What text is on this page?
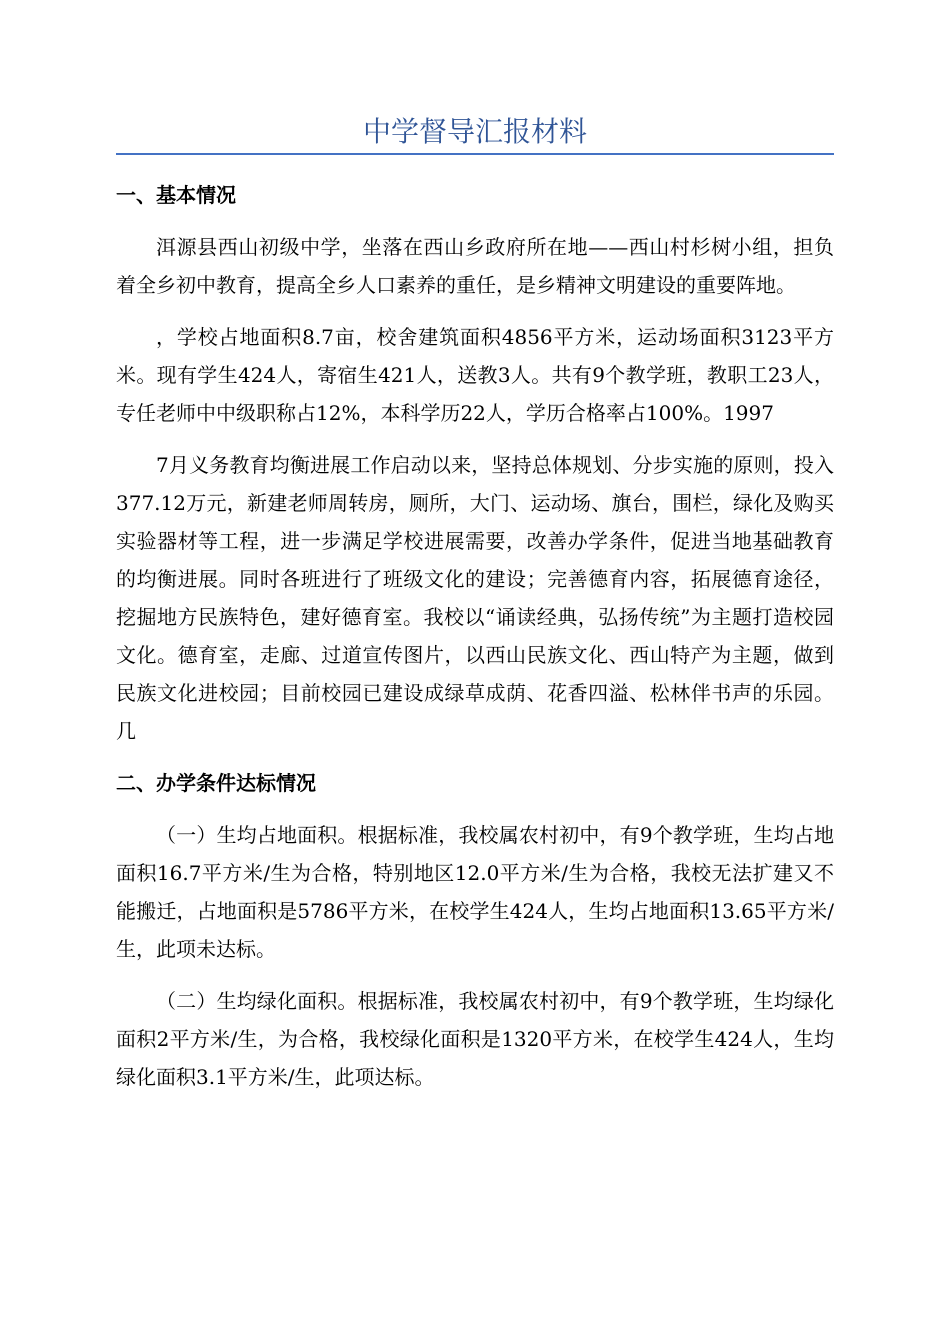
中学督导汇报材料
一、基本情况

洱源县西山初级中学，坐落在西山乡政府所在地——西山村杉树小组，担负着全乡初中教育，提高全乡人口素养的重任，是乡精神文明建设的重要阵地。

，学校占地面积8.7亩，校舍建筑面积4856平方米，运动场面积3123平方米。现有学生424人，寄宿生421人，送教3人。共有9个教学班，教职工23人，专任老师中中级职称占12%，本科学历22人，学历合格率占100%。1997

7月义务教育均衡进展工作启动以来，坚持总体规划、分步实施的原则，投入377.12万元，新建老师周转房，厕所，大门、运动场、旗台，围栏，绿化及购买实验器材等工程，进一步满足学校进展需要，改善办学条件，促进当地基础教育的均衡进展。同时各班进行了班级文化的建设；完善德育内容，拓展德育途径，挖掘地方民族特色，建好德育室。我校以“诵读经典，弘扬传统”为主题打造校园文化。德育室，走廊、过道宣传图片，以西山民族文化、西山特产为主题，做到民族文化进校园；目前校园已建设成绿草成荫、花香四溢、松林伴书声的乐园。几

二、办学条件达标情况

（一）生均占地面积。根据标准，我校属农村初中，有9个教学班，生均占地面积16.7平方米/生为合格，特别地区12.0平方米/生为合格，我校无法扩建又不能搬迁，占地面积是5786平方米，在校学生424人，生均占地面积13.65平方米/生，此项未达标。

（二）生均绿化面积。根据标准，我校属农村初中，有9个教学班，生均绿化面积2平方米/生，为合格，我校绿化面积是1320平方米，在校学生424人，生均绿化面积3.1平方米/生，此项达标。
